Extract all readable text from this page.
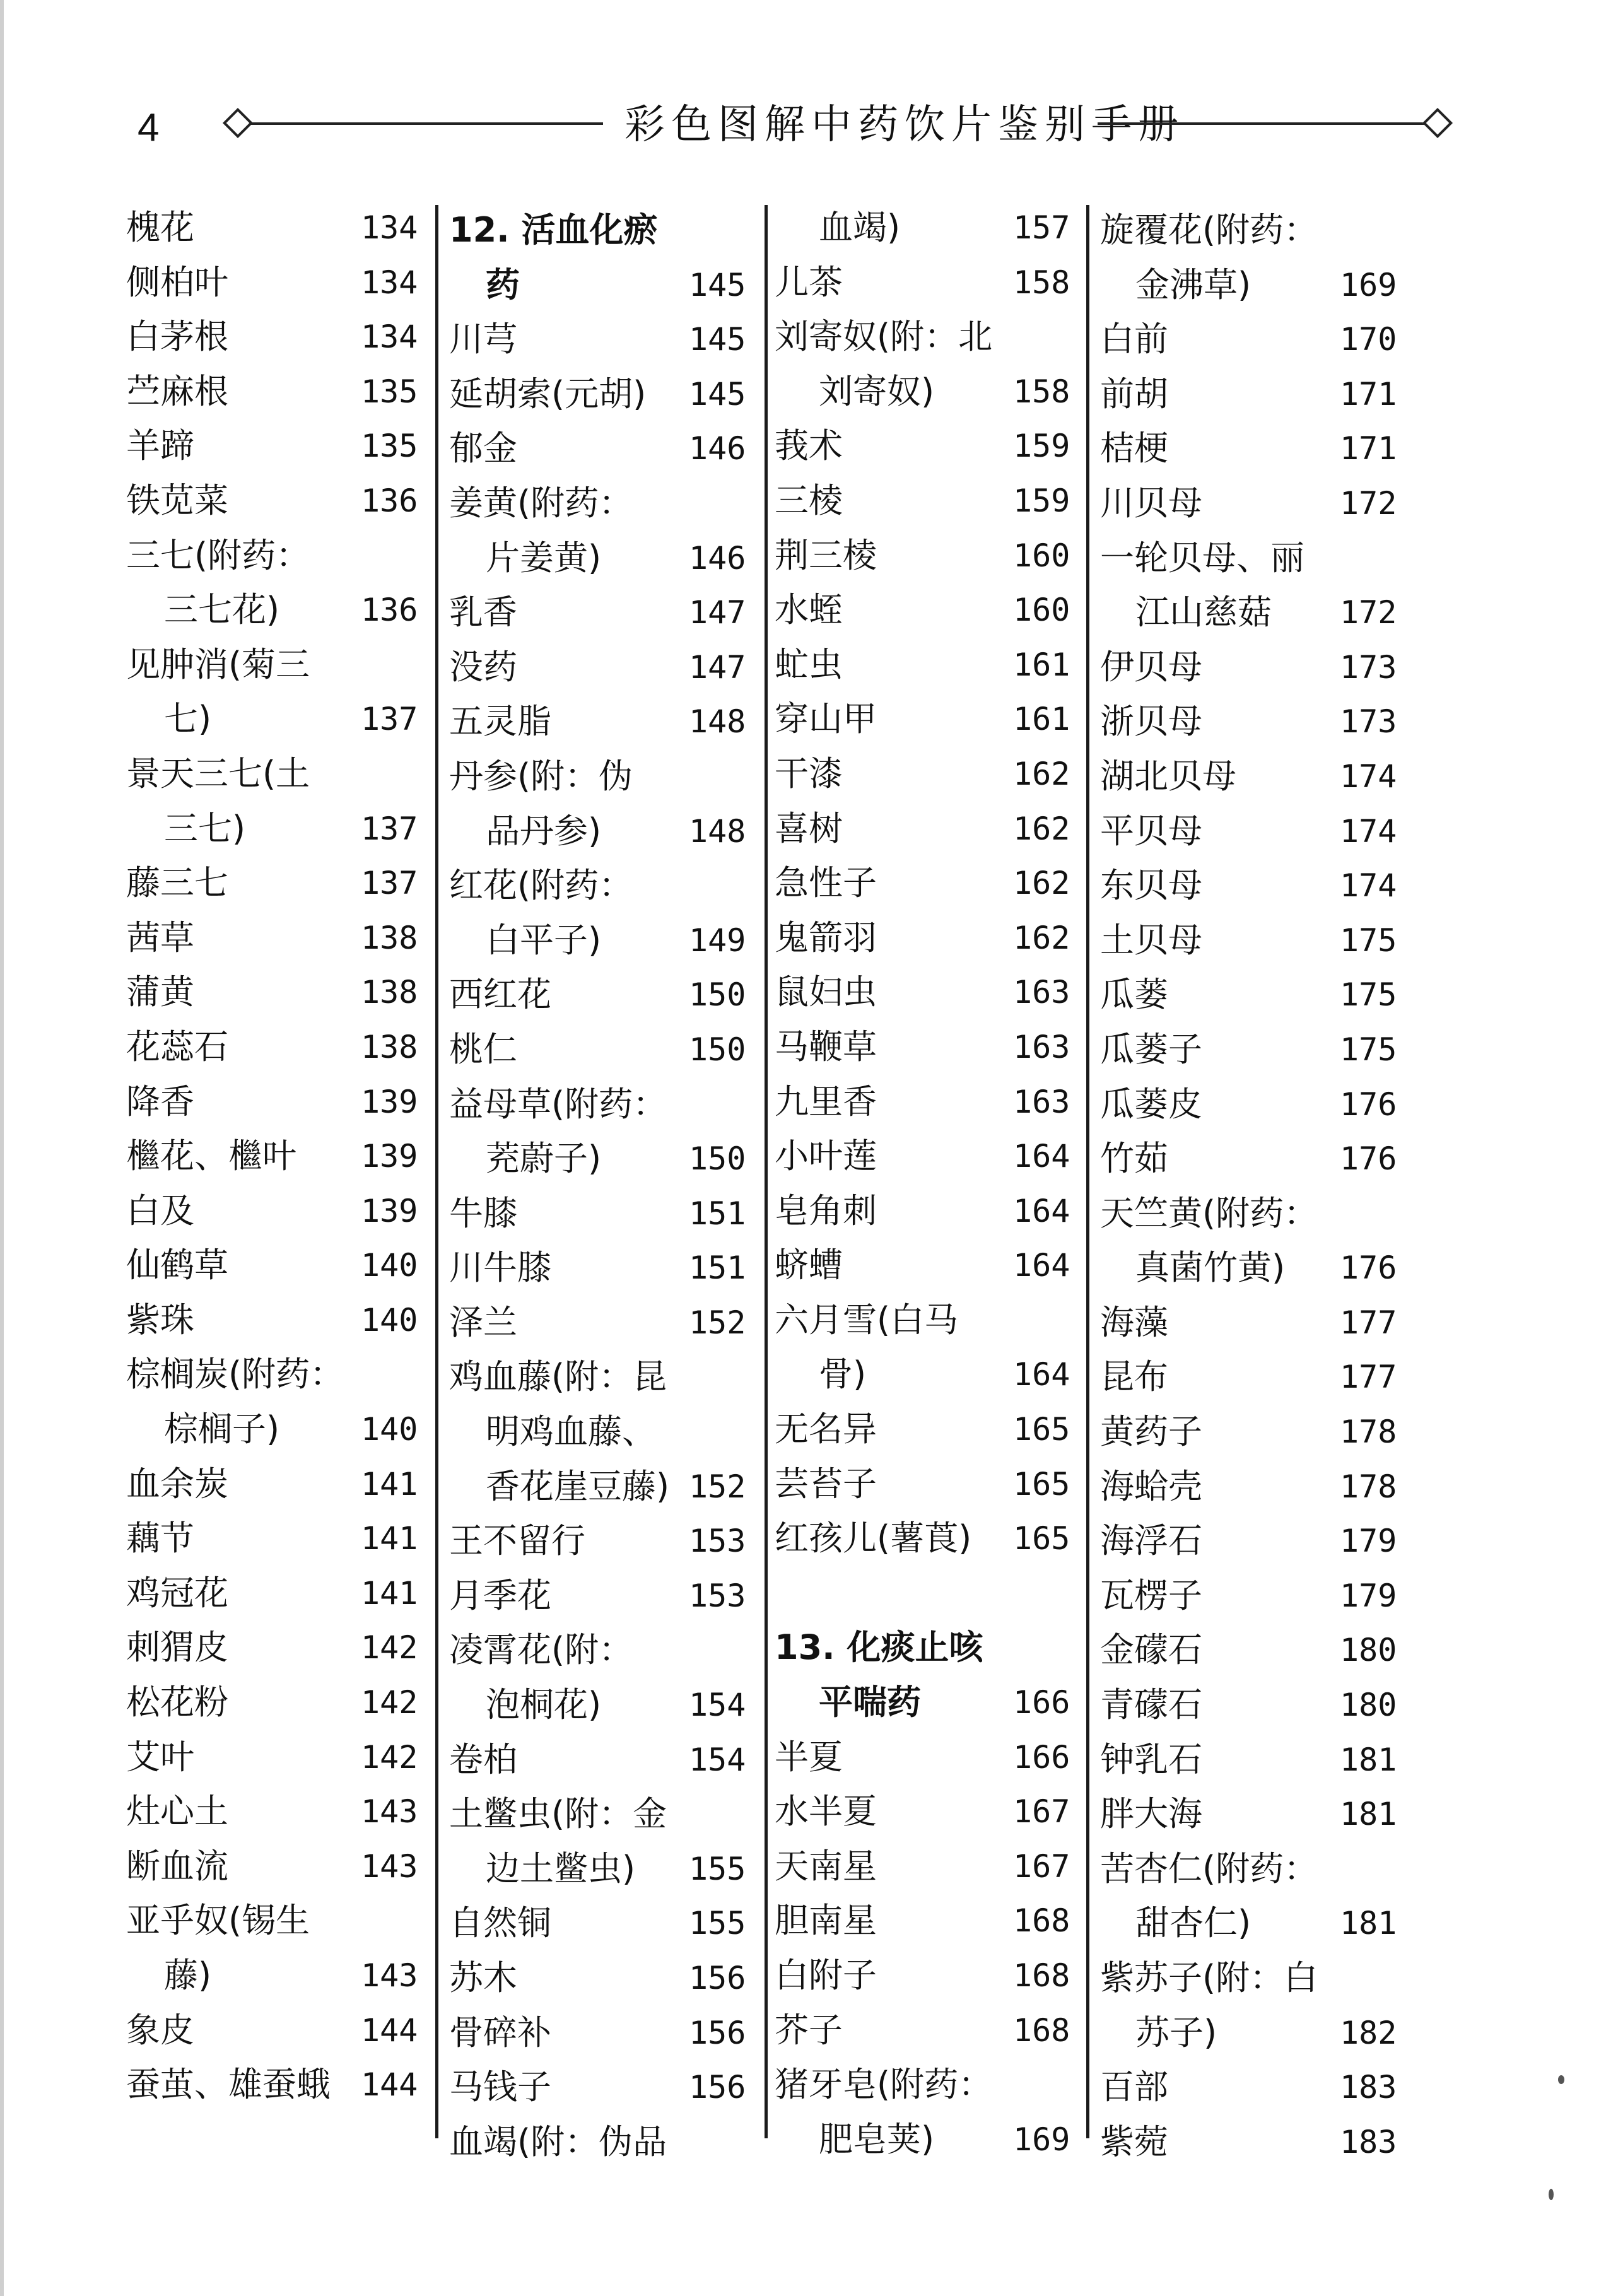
4	彩色图解中药饮片鉴别手册
槐花	134
侧柏叶	134
白茅根	134
苎麻根	135
羊蹄	135
铁苋菜	136
三七(附药：
三七花)	136
见肿消(菊三
七)	137
景天三七(土
三七)	137
藤三七	137
茜草	138
蒲黄	138
花蕊石	138
降香	139
檵花、檵叶 139
白及	139
仙鹤草	140
紫珠	140
棕榈炭(附药：
棕榈子)	140
血余炭	141
藕节	141
鸡冠花	141
刺猬皮	142
松花粉	142
艾叶	142
灶心土	143
断血流	143
亚乎奴(锡生
藤)	143
象皮	144
蚕茧、雄蚕蛾 144
12. 活血化瘀
药	145
川芎	145
延胡索(元胡) 145
郁金	146
姜黄(附药：
片姜黄)	146
乳香	147
没药	147
五灵脂	148
丹参(附：伪
品丹参)	148
红花(附药：
白平子)	149
西红花	150
桃仁	150
益母草(附药：
茺蔚子)	150
牛膝	151
川牛膝	151
泽兰	152
鸡血藤(附：昆
明鸡血藤、
香花崖豆藤) 152
王不留行	153
月季花	153
凌霄花(附：
泡桐花)	154
卷柏	154
土鳖虫(附：金
边土鳖虫) 155
自然铜	155
苏木	156
骨碎补	156
马钱子	156
血竭(附：伪品
血竭)	157
儿茶	158
刘寄奴(附：北
刘寄奴) 158
莪术	159
三棱	159
荆三棱	160
水蛭	160
虻虫	161
穿山甲	161
干漆	162
喜树	162
急性子	162
鬼箭羽	162
鼠妇虫	163
马鞭草	163
九里香	163
小叶莲	164
皂角刺	164
蛴螬	164
六月雪(白马
骨)	164
无名异	165
芸苔子	165
红孩儿(薯莨) 165
13. 化痰止咳
平喘药	166
半夏	166
水半夏	167
天南星	167
胆南星	168
白附子	168
芥子	168
猪牙皂(附药：
肥皂荚) 169
旋覆花(附药：
金沸草)	169
白前	170
前胡	171
桔梗	171
川贝母	172
一轮贝母、丽
江山慈菇 172
伊贝母	173
浙贝母	173
湖北贝母	174
平贝母	174
东贝母	174
土贝母	175
瓜蒌	175
瓜蒌子	175
瓜蒌皮	176
竹茹	176
天竺黄(附药：
真菌竹黄) 176
海藻	177
昆布	177
黄药子	178
海蛤壳	178
海浮石	179
瓦楞子	179
金礞石	180
青礞石	180
钟乳石	181
胖大海	181
苦杏仁(附药：
甜杏仁)	181
紫苏子(附：白
苏子)	182
百部	183
紫菀	183
